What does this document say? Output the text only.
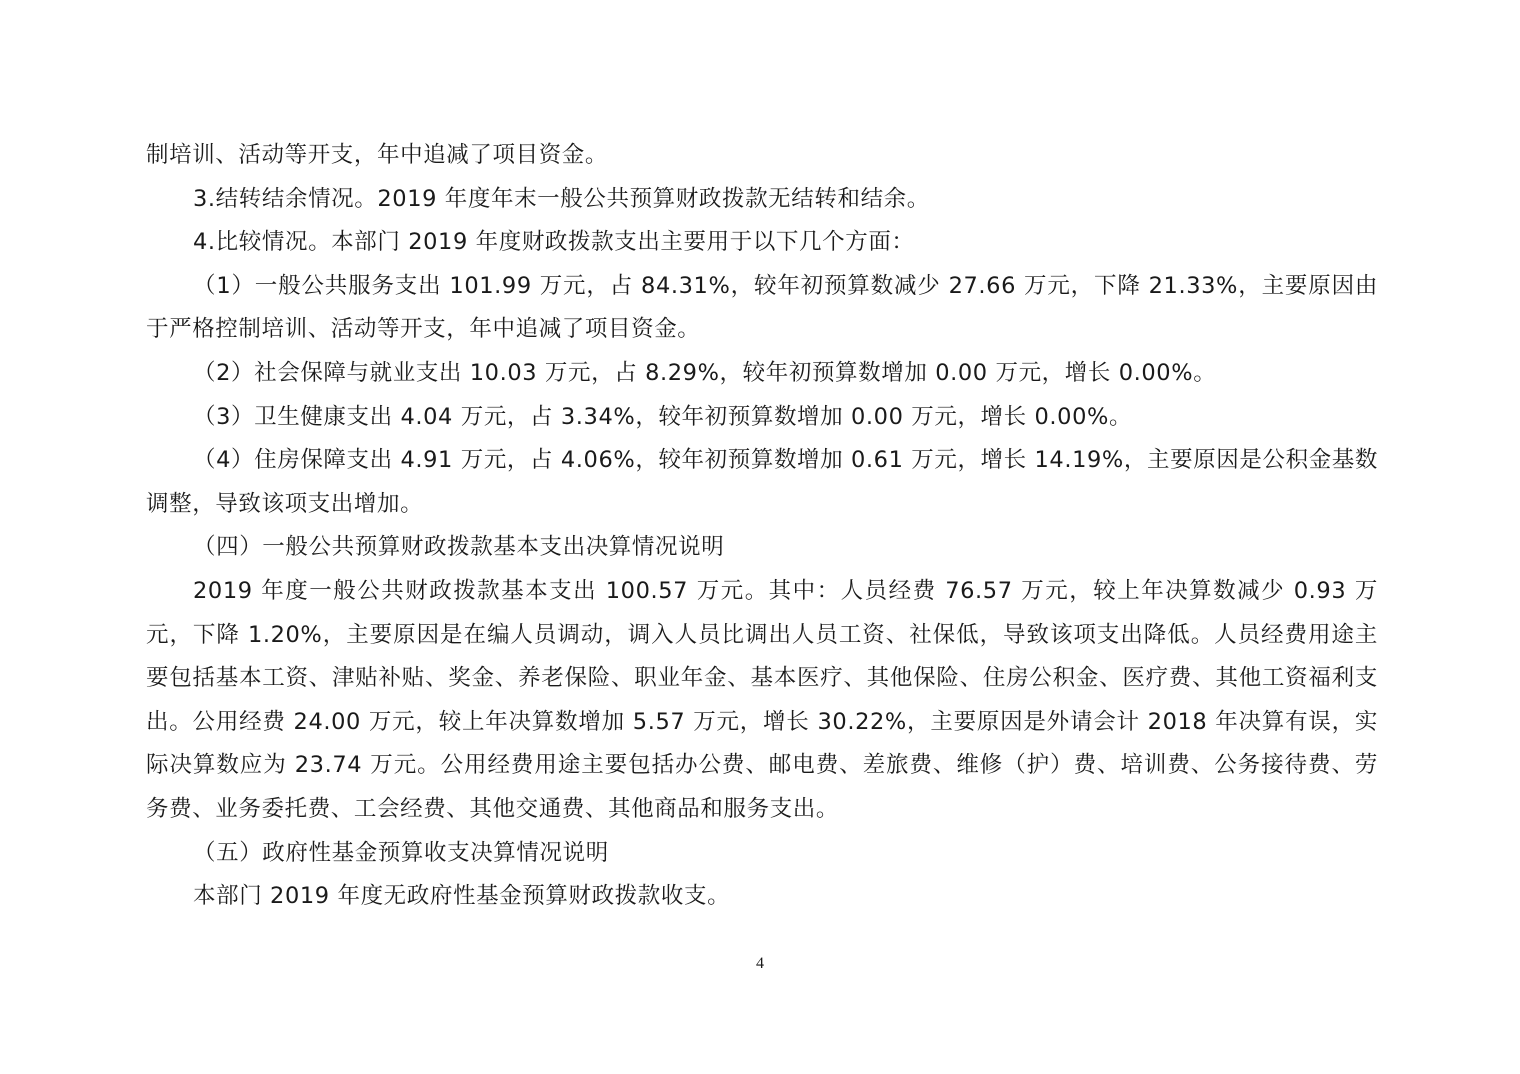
制培训、活动等开支，年中追减了项目资金。

3.结转结余情况。2019 年度年末一般公共预算财政拨款无结转和结余。

4.比较情况。本部门 2019 年度财政拨款支出主要用于以下几个方面：

（1）一般公共服务支出 101.99 万元，占 84.31%，较年初预算数减少 27.66 万元，下降 21.33%，主要原因由于严格控制培训、活动等开支，年中追减了项目资金。

（2）社会保障与就业支出 10.03 万元，占 8.29%，较年初预算数增加 0.00 万元，增长 0.00%。

（3）卫生健康支出 4.04 万元，占 3.34%，较年初预算数增加 0.00 万元，增长 0.00%。

（4）住房保障支出 4.91 万元，占 4.06%，较年初预算数增加 0.61 万元，增长 14.19%，主要原因是公积金基数调整，导致该项支出增加。

（四）一般公共预算财政拨款基本支出决算情况说明

2019 年度一般公共财政拨款基本支出 100.57 万元。其中：人员经费 76.57 万元，较上年决算数减少 0.93 万元，下降 1.20%，主要原因是在编人员调动，调入人员比调出人员工资、社保低，导致该项支出降低。人员经费用途主要包括基本工资、津贴补贴、奖金、养老保险、职业年金、基本医疗、其他保险、住房公积金、医疗费、其他工资福利支出。公用经费 24.00 万元，较上年决算数增加 5.57 万元，增长 30.22%，主要原因是外请会计 2018 年决算有误，实际决算数应为 23.74 万元。公用经费用途主要包括办公费、邮电费、差旅费、维修（护）费、培训费、公务接待费、劳务费、业务委托费、工会经费、其他交通费、其他商品和服务支出。

（五）政府性基金预算收支决算情况说明

本部门 2019 年度无政府性基金预算财政拨款收支。

4
